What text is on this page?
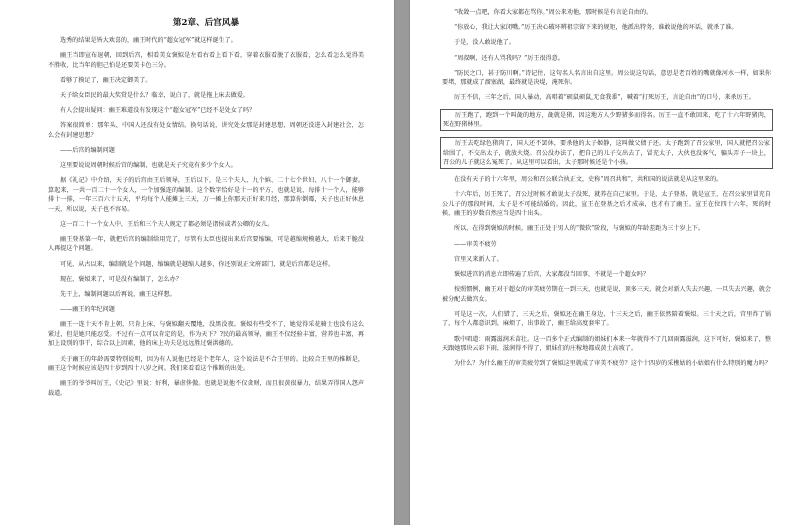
第2章、后宫风暴

选秀的结果是皆大欢喜的，幽王时代的“超女冠军”就这样诞生了。

幽王当即宣布退朝，回到后宫，相看美女褒姒是左看右看上看下看，穿着衣服看脱了衣服看，怎么看怎么觉得美不胜收，比当年的胆己怕是还要美卡色三分。

看够了摸足了，幽王决定御美了。

天子给女臣民的最大奖赏是什么？临幸，说白了，就是拖上床去做爱。

有人会提出疑问：幽王难道没有发现这个“超女冠军”已经不是处女了吗？

答案很简单：那年头，中国人还没有处女情结。换句话说，讲究处女那是封建思想，周朝还没进入封建社会，怎么会有封建思想？

——后宫的编制问题

这里要说说周朝时候后宫的编制，也就是天子究竟有多少个女人。

据《礼记》中介绍，天子的后宫由王后领导，王后以下，是三个夫人、九个嫔、二十七个世妇、八十一个御妻。算起来，一共一百二十一个女人，一个加强连的编制。这个数字恰好是十一的平方，也就是说，每排十一个人，能够排十一排，一年三百六十五天，平均每个人能摊上三天，万一摊上你那天正好来月经，那算你倒霉，天子也正好休息一天，所以说，天子也不容易。

这一百二十一个女人中，王后和三个夫人规定了都必须是诸侯或者公卿的女儿。

幽王登基第一年，就把后宫的编制给用完了，尽管有太臣也提出来后宫要缩编，可是越缩规模越大，后来干脆没人再提这个问题。

可见，从古以来，编制就是个问题，缩编就是越缩人越多，你还别说正文府部门，就是后宫都是这样。

现在，褒姒来了，可是没有编制了，怎么办？

先干上，编制问题以后再说，幽王这样想。

——幽王的年纪问题

幽王一连十天不肯上朝，只肯上床，与褒姒翻天覆地，没黑没夜。褒姒有些受不了，她觉得采花骑士也没有这么紧过，但是她只能忍受。不过有一点可以肯定的是，作为天下？?民的最高领导，幽王不仅经验丰富，营养也丰富，再加上设别的事干，综合以上因素，他的床上功夫是远远胜过褒洪德的。

关于幽王的年龄需要特别说明，因为有人说他已经是个老年人，这个说法是不合王里的。比较合王里的推断是，幽王这个时候应该是四十岁到四十八岁之间。我们来看看这个推断的出处。

幽王的爷爷叫厉王，《史记》里说：好利，暴虐侈傲。也就是说他不仅贪财，而且很黄很暴力，结果弄得国人怨声载道。

“收敛一点吧，你看大家都在骂你。”周公来劝他，那时候是有言论自由的。

“你放心，我让大家闭嘴。”厉王决心破坏辨祖宗留下来的规矩，他派出特务，谁敢说他的坏话，就杀了谁。

于是，没人敢说他了。

“周叔啊，还有人骂我吗？”厉王很得意。

“防民之口，甚于防川啊。”诗记住，这句名人名言出自这里。周公说这句话，意思是老百姓的嘴就像河水一样，如果你要堵，那就成了溜塞湖，最终就是决堤，淹死你。

厉王不信，三年之后，国人暴动，高唱着“硕鼠硕鼠,无食我黍”，喊着“打死厉王，言论自由”的口号，来杀厉王。

厉王跑了，跑到一个叫彘的地方，彘就是猪，因这地方人少野猪多而得名。厉王一直不敢回来，吃了十六年野猪肉，死在野猪林里。

厉王去吃绿色猪肉了，国人还不罢休，要杀他的太子姬静，这叫做父债子还。太子跑到了召公家里，国人就把召公家给围了，不交出太子，就放火烧。召公没办法了，把自己的儿子交出去了，冒充太子，大伙也没客气，骗头弄子一块上，召公的儿子就这么冤死了。从这里可以看出，太子那时候还是个小孩。

在没有天子的十六年里，周公和召公联合执正文，史称“周召共和”，共和国的说法就是从这里来的。

十六年后，厉王死了，召公过时候才敢说太子没死，就养在自己家里。于是，太子登基，就是宣王，在召公家里冒充自公儿子的那段时间，太子是不可能结婚的。因此，宣王在登基之后才成亲，也才有了幽王。宣王在位四十六年，死的时候，幽王的岁数自然应当是四十出头。

所以，在得到褒姒的时候，幽王正处于男人的“微软”阶段，与褒姒的年龄差距为三十岁上下。

——审美不疲劳

宫里又来新人了。

褒姒进宫的消息立即传遍了后宫，大家都没当回事，不就是一个超女吗？

按照惯例，幽王对于超女的审美疲劳期在一到三天，也就是说，顶多三天，就会对新人失去兴趣，一旦失去兴趣，就会被分配去做宫女。

可是这一次，人们错了，三天之后，褒姒还在幽王身边，十三天之后，幽王依然陪着褒姒。三十天之后，宫里炸了锅了，每个人都意识到，麻烦了，出事故了，幽王给高度套牢了。

歌中唱道：雨露滋润禾苗壮。这一百多个正式编制的姐妹们本来一年就得不了几回雨露滋润，这下可好，褒姒来了，整天跟她那块云彩下雨，滋润得不得了，姐妹们的庄稼地都成黄土高坡了。

为什么？为什么幽王的审美疲劳到了褒姒这里就成了审美不疲劳？这个十四岁的采樵姑的小姑娘有什么特别的魔力吗？
